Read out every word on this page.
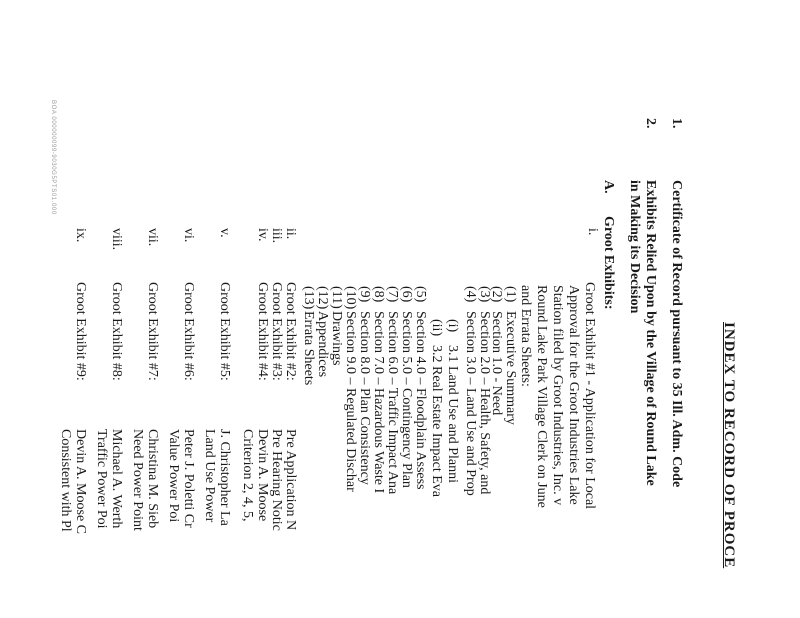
BOA 000000099-9030G5PTS01.000
INDEX TO RECORD OF PROCE
1.
Certificate of Record pursuant to 35 Ill. Adm. Code
2.
Exhibits Relied Upon by the Village of Round Lake
in Making its Decision
A.
Groot Exhibits:
i.
Groot Exhibit #1 - Application for Local
Approval for the Groot Industries Lake
Station filed by Groot Industries, Inc. v
Round Lake Park Village Clerk on June
and Errata Sheets:
(1)
Executive Summary
(2)
Section 1.0 - Need
(3)
Section 2.0 – Health, Safety, and
(4)
Section 3.0 – Land Use and Prop
(i)
3.1 Land Use and Planni
(ii)
3.2 Real Estate Impact Eva
(5)
Section 4.0 – Floodplain Assess
(6)
Section 5.0 – Contingency Plan
(7)
Section 6.0 – Traffic Impact Ana
(8)
Section 7.0 – Hazardous Waste I
(9)
Section 8.0 – Plan Consistency
(10)
Section 9.0 – Regulated Dischar
(11)
Drawings
(12)
Appendices
(13)
Errata Sheets
ii.
Groot Exhibit #2:
Pre Application N
iii.
Groot Exhibit #3:
Pre Hearing Notic
iv.
Groot Exhibit #4:
Devin A. Moose
Criterion 2, 4, 5,
v.
Groot Exhibit #5:
J. Christopher La
Land Use Power
vi.
Groot Exhibit #6:
Peter J. Poletti Cr
Value Power Poi
vii.
Groot Exhibit #7:
Christina M. Sieb
Need Power Point
viii.
Groot Exhibit #8:
Michael A. Werth
Traffic Power Poi
ix.
Groot Exhibit #9:
Devin A. Moose C
Consistent with Pl
